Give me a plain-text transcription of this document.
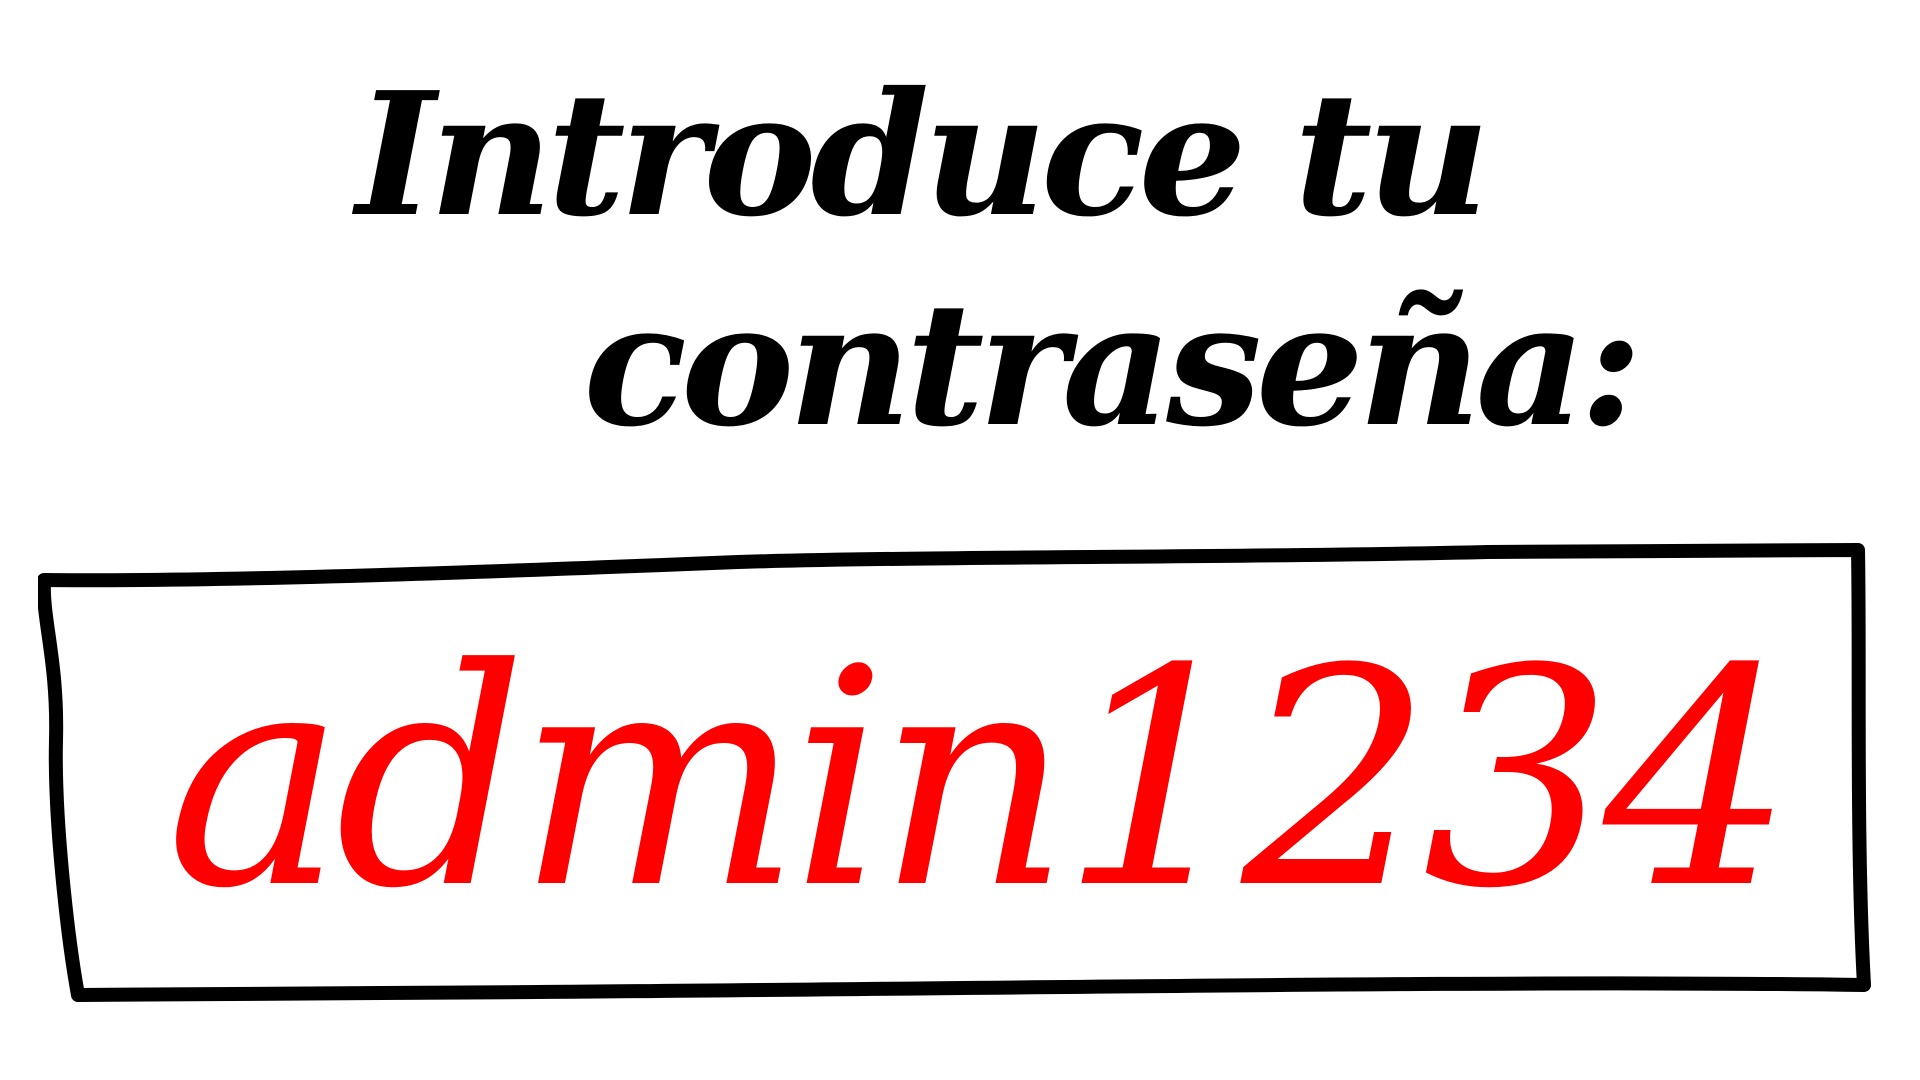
Introduce tu
contraseña:
admin1234
